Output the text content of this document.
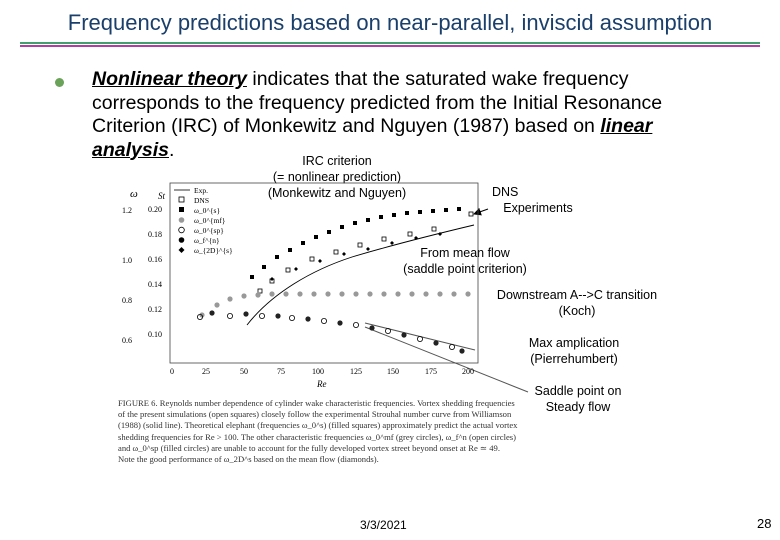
Frequency predictions based on near-parallel, inviscid assumption
Nonlinear theory indicates that the saturated wake frequency corresponds to the frequency predicted from the Initial Resonance Criterion (IRC) of Monkewitz and Nguyen (1987) based on linear analysis.
IRC criterion
(= nonlinear prediction)
(Monkewitz and Nguyen)	DNS
Experiments
From mean flow
(saddle point criterion)
Downstream A-->C transition
(Koch)
Max amplication
(Pierrehumbert)
Saddle point on
Steady flow
ω St
1.2
1.0
0.8
0.6
0.20
0.18
0.16
0.14
0.12
0.10
0	25	50	75	100	125	150	175	200
Re
Exp.
DNS
ω_0^{s}
ω_0^{mf}
ω_0^{sp}
ω_f^{n}
ω_{2D}^{s}
FIGURE 6. Reynolds number dependence of cylinder wake characteristic frequencies. Vortex shedding frequencies of the present simulations (open squares) closely follow the experimental Strouhal number curve from Williamson (1988) (solid line). Theoretical elephant (frequencies ω_0^s) (filled squares) approximately predict the actual vortex shedding frequencies for Re > 100. The other characteristic frequencies ω_0^mf (grey circles), ω_f^n (open circles) and ω_0^sp (filled circles) are unable to account for the fully developed vortex street beyond onset at Re ≃ 49. Note the good performance of ω_2D^s based on the mean flow (diamonds).
3/3/2021	28
